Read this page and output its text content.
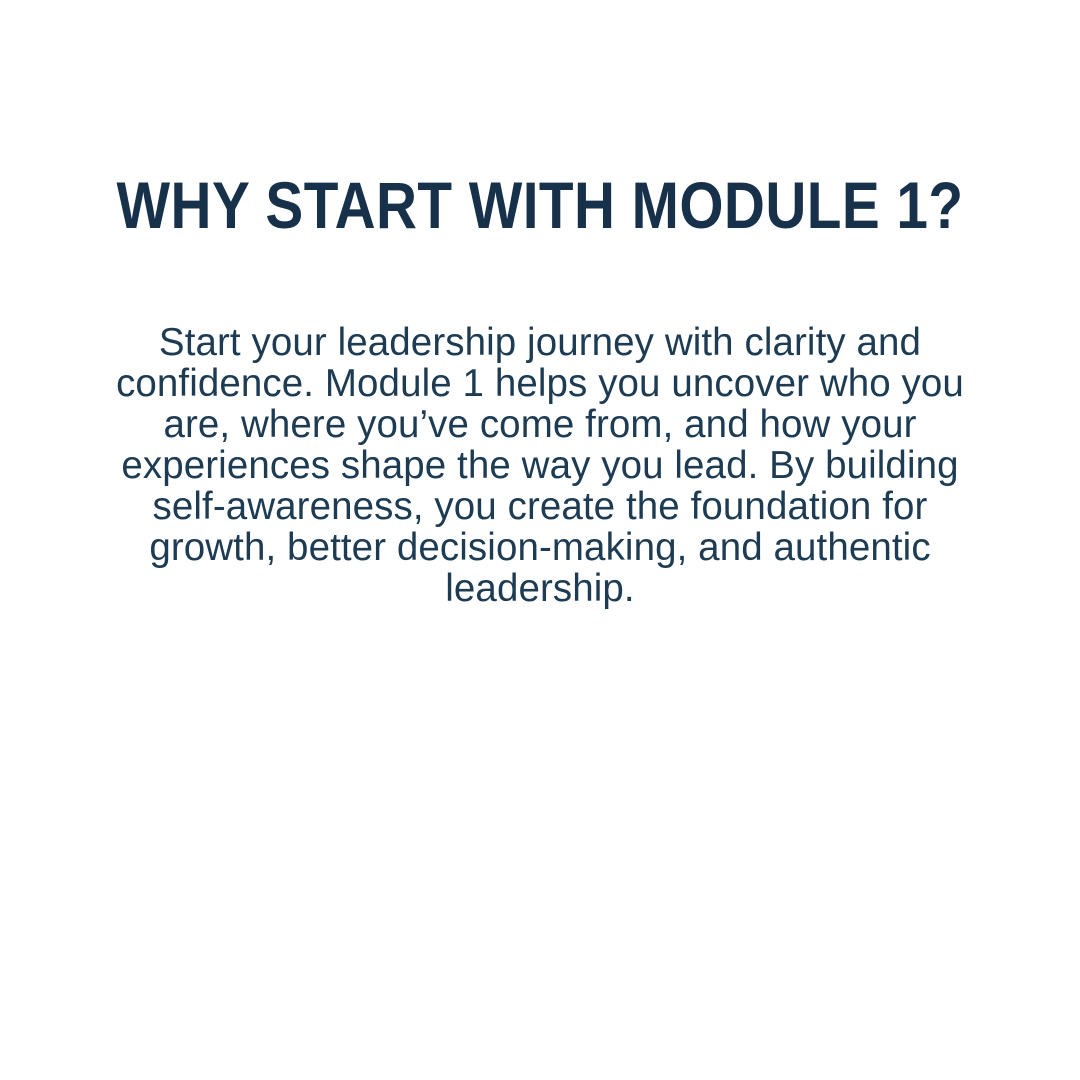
WHY START WITH MODULE 1?

Start your leadership journey with clarity and confidence. Module 1 helps you uncover who you are, where you’ve come from, and how your experiences shape the way you lead. By building self-awareness, you create the foundation for growth, better decision-making, and authentic leadership.
